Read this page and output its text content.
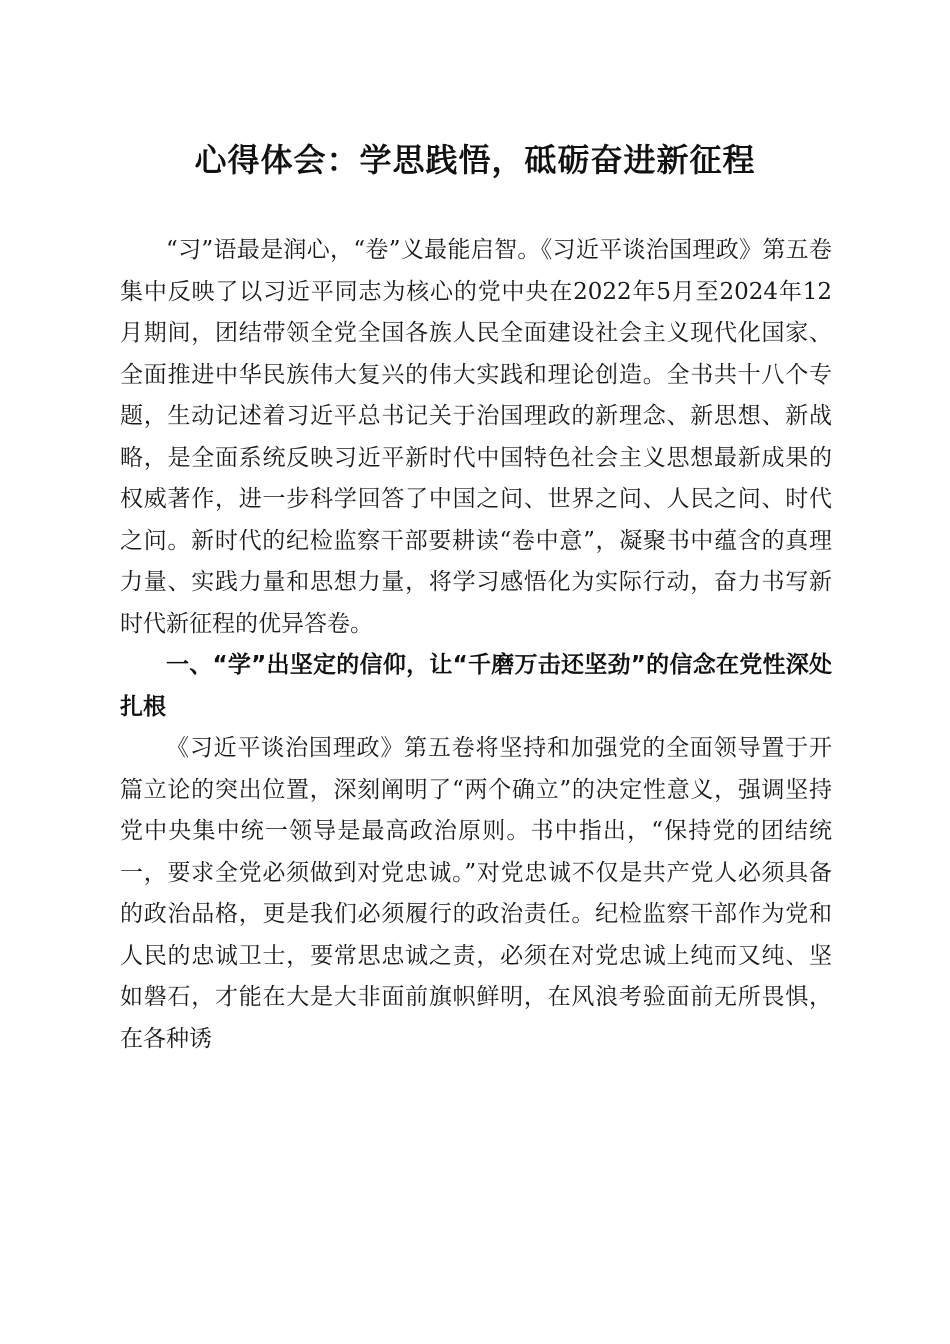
心得体会：学思践悟，砥砺奋进新征程

“习”语最是润心，“卷”义最能启智。《习近平谈治国理政》第五卷集中反映了以习近平同志为核心的党中央在2022年5月至2024年12月期间，团结带领全党全国各族人民全面建设社会主义现代化国家、全面推进中华民族伟大复兴的伟大实践和理论创造。全书共十八个专题，生动记述着习近平总书记关于治国理政的新理念、新思想、新战略，是全面系统反映习近平新时代中国特色社会主义思想最新成果的权威著作，进一步科学回答了中国之问、世界之问、人民之问、时代之问。新时代的纪检监察干部要耕读“卷中意”，凝聚书中蕴含的真理力量、实践力量和思想力量，将学习感悟化为实际行动，奋力书写新时代新征程的优异答卷。

一、“学”出坚定的信仰，让“千磨万击还坚劲”的信念在党性深处扎根

《习近平谈治国理政》第五卷将坚持和加强党的全面领导置于开篇立论的突出位置，深刻阐明了“两个确立”的决定性意义，强调坚持党中央集中统一领导是最高政治原则。书中指出，“保持党的团结统一，要求全党必须做到对党忠诚。”对党忠诚不仅是共产党人必须具备的政治品格，更是我们必须履行的政治责任。纪检监察干部作为党和人民的忠诚卫士，要常思忠诚之责，必须在对党忠诚上纯而又纯、坚如磐石，才能在大是大非面前旗帜鲜明，在风浪考验面前无所畏惧，在各种诱
